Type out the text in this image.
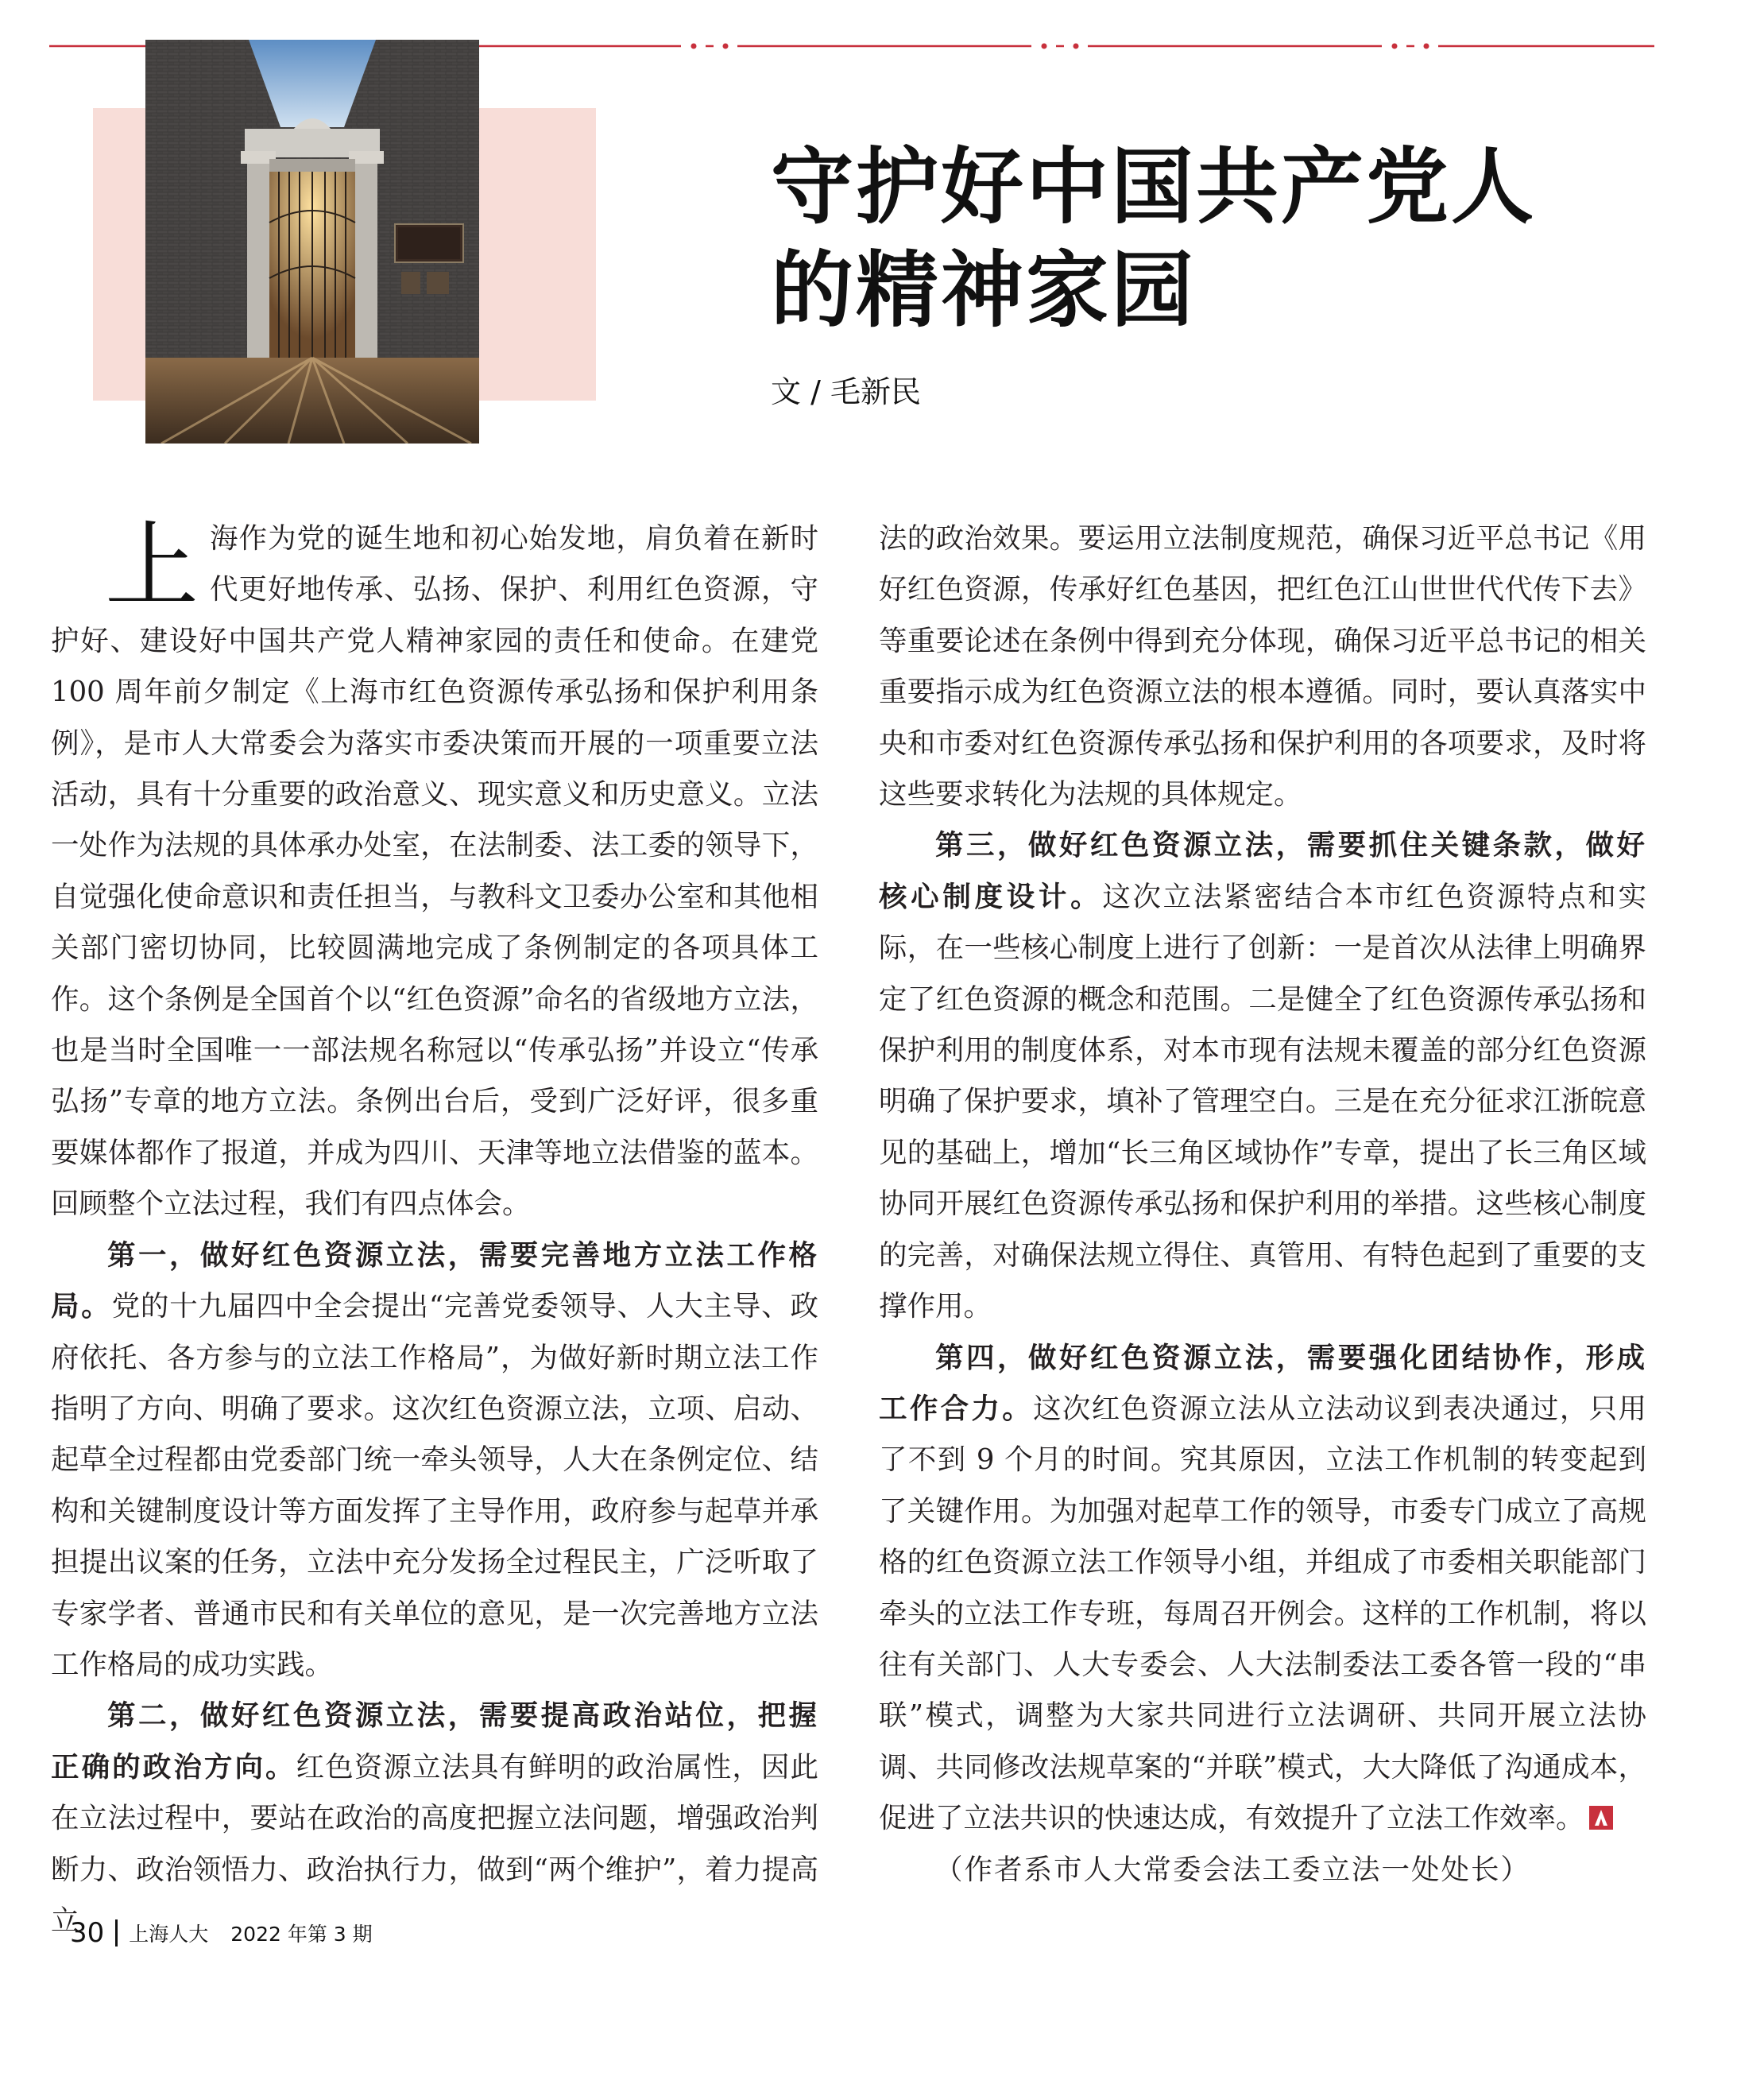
守护好中国共产党人
的精神家园
文 / 毛新民

上海作为党的诞生地和初心始发地，肩负着在新时代更好地传承、弘扬、保护、利用红色资源，守护好、建设好中国共产党人精神家园的责任和使命。在建党 100 周年前夕制定《上海市红色资源传承弘扬和保护利用条例》，是市人大常委会为落实市委决策而开展的一项重要立法活动，具有十分重要的政治意义、现实意义和历史意义。立法一处作为法规的具体承办处室，在法制委、法工委的领导下，自觉强化使命意识和责任担当，与教科文卫委办公室和其他相关部门密切协同，比较圆满地完成了条例制定的各项具体工作。这个条例是全国首个以“红色资源”命名的省级地方立法，也是当时全国唯一一部法规名称冠以“传承弘扬”并设立“传承弘扬”专章的地方立法。条例出台后，受到广泛好评，很多重要媒体都作了报道，并成为四川、天津等地立法借鉴的蓝本。回顾整个立法过程，我们有四点体会。

第一，做好红色资源立法，需要完善地方立法工作格局。党的十九届四中全会提出“完善党委领导、人大主导、政府依托、各方参与的立法工作格局”，为做好新时期立法工作指明了方向、明确了要求。这次红色资源立法，立项、启动、起草全过程都由党委部门统一牵头领导，人大在条例定位、结构和关键制度设计等方面发挥了主导作用，政府参与起草并承担提出议案的任务，立法中充分发扬全过程民主，广泛听取了专家学者、普通市民和有关单位的意见，是一次完善地方立法工作格局的成功实践。

第二，做好红色资源立法，需要提高政治站位，把握正确的政治方向。红色资源立法具有鲜明的政治属性，因此在立法过程中，要站在政治的高度把握立法问题，增强政治判断力、政治领悟力、政治执行力，做到“两个维护”，着力提高立

法的政治效果。要运用立法制度规范，确保习近平总书记《用好红色资源，传承好红色基因，把红色江山世世代代传下去》等重要论述在条例中得到充分体现，确保习近平总书记的相关重要指示成为红色资源立法的根本遵循。同时，要认真落实中央和市委对红色资源传承弘扬和保护利用的各项要求，及时将这些要求转化为法规的具体规定。

第三，做好红色资源立法，需要抓住关键条款，做好核心制度设计。这次立法紧密结合本市红色资源特点和实际，在一些核心制度上进行了创新：一是首次从法律上明确界定了红色资源的概念和范围。二是健全了红色资源传承弘扬和保护利用的制度体系，对本市现有法规未覆盖的部分红色资源明确了保护要求，填补了管理空白。三是在充分征求江浙皖意见的基础上，增加“长三角区域协作”专章，提出了长三角区域协同开展红色资源传承弘扬和保护利用的举措。这些核心制度的完善，对确保法规立得住、真管用、有特色起到了重要的支撑作用。

第四，做好红色资源立法，需要强化团结协作，形成工作合力。这次红色资源立法从立法动议到表决通过，只用了不到 9 个月的时间。究其原因，立法工作机制的转变起到了关键作用。为加强对起草工作的领导，市委专门成立了高规格的红色资源立法工作领导小组，并组成了市委相关职能部门牵头的立法工作专班，每周召开例会。这样的工作机制，将以往有关部门、人大专委会、人大法制委法工委各管一段的“串联”模式，调整为大家共同进行立法调研、共同开展立法协调、共同修改法规草案的“并联”模式，大大降低了沟通成本，促进了立法共识的快速达成，有效提升了立法工作效率。

（作者系市人大常委会法工委立法一处处长）

30 上海人大 2022 年第 3 期
